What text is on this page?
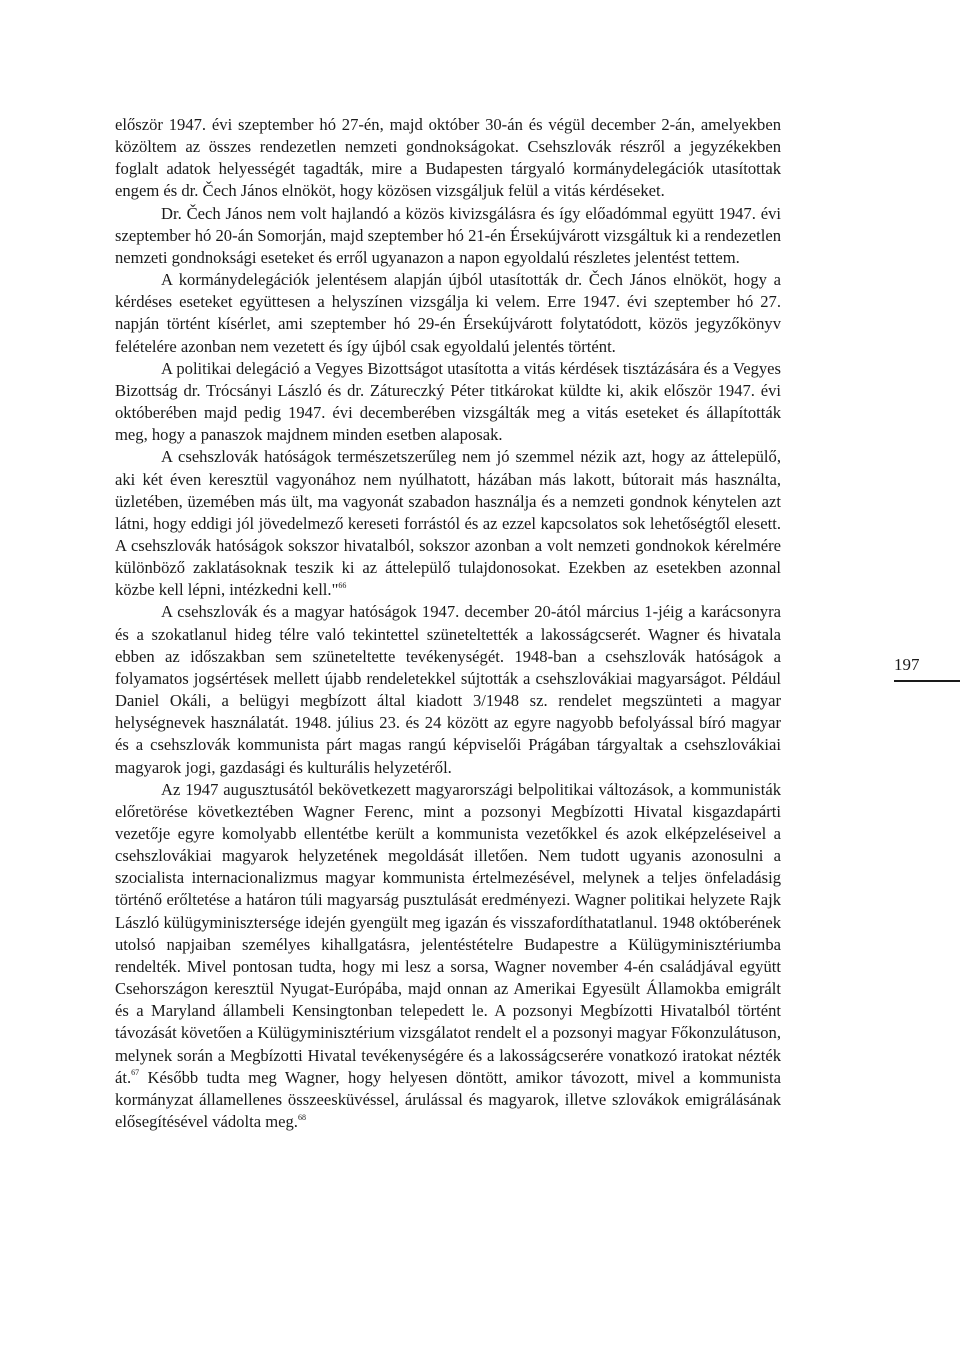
először 1947. évi szeptember hó 27-én, majd október 30-án és végül december 2-án, amelyekben közöltem az összes rendezetlen nemzeti gondnokságokat. Csehszlovák részről a jegyzékekben foglalt adatok helyességét tagadták, mire a Budapesten tárgyaló kormánydelegációk utasítottak engem és dr. Čech János elnököt, hogy közösen vizsgáljuk felül a vitás kérdéseket.

Dr. Čech János nem volt hajlandó a közös kivizsgálásra és így előadómmal együtt 1947. évi szeptember hó 20-án Somorján, majd szeptember hó 21-én Érsekújvárott vizsgáltuk ki a rendezetlen nemzeti gondnoksági eseteket és erről ugyanazon a napon egyoldalú részletes jelentést tettem.

A kormánydelegációk jelentésem alapján újból utasították dr. Čech János elnököt, hogy a kérdéses eseteket együttesen a helyszínen vizsgálja ki velem. Erre 1947. évi szeptember hó 27. napján történt kísérlet, ami szeptember hó 29-én Érsekújvárott folytatódott, közös jegyzőkönyv felételére azonban nem vezetett és így újból csak egyoldalú jelentés történt.

A politikai delegáció a Vegyes Bizottságot utasította a vitás kérdések tisztázására és a Vegyes Bizottság dr. Trócsányi László és dr. Zátureczký Péter titkárokat küldte ki, akik először 1947. évi októberében majd pedig 1947. évi decemberében vizsgálták meg a vitás eseteket és állapították meg, hogy a panaszok majdnem minden esetben alaposak.

A csehszlovák hatóságok természetszerűleg nem jó szemmel nézik azt, hogy az áttelepülő, aki két éven keresztül vagyonához nem nyúlhatott, házában más lakott, bútorait más használta, üzletében, üzemében más ült, ma vagyonát szabadon használja és a nemzeti gondnok kénytelen azt látni, hogy eddigi jól jövedelmező kereseti forrástól és az ezzel kapcsolatos sok lehetőségtől elesett. A csehszlovák hatóságok sokszor hivatalból, sokszor azonban a volt nemzeti gondnokok kérelmére különböző zaklatásoknak teszik ki az áttelepülő tulajdonosokat. Ezekben az esetekben azonnal közbe kell lépni, intézkedni kell."$^{66}$

A csehszlovák és a magyar hatóságok 1947. december 20-ától március 1-jéig a karácsonyra és a szokatlanul hideg télre való tekintettel szüneteltették a lakosságcserét. Wagner és hivatala ebben az időszakban sem szüneteltette tevékenységét. 1948-ban a csehszlovák hatóságok a folyamatos jogsértések mellett újabb rendeletekkel sújtották a csehszlovákiai magyarságot. Például Daniel Okáli, a belügyi megbízott által kiadott 3/1948 sz. rendelet megszünteti a magyar helységnevek használatát. 1948. július 23. és 24 között az egyre nagyobb befolyással bíró magyar és a csehszlovák kommunista párt magas rangú képviselői Prágában tárgyaltak a csehszlovákiai magyarok jogi, gazdasági és kulturális helyzetéről.

Az 1947 augusztusától bekövetkezett magyarországi belpolitikai változások, a kommunisták előretörése következtében Wagner Ferenc, mint a pozsonyi Megbízotti Hivatal kisgazdapárti vezetője egyre komolyabb ellentétbe került a kommunista vezetőkkel és azok elképzeléseivel a csehszlovákiai magyarok helyzetének megoldását illetően. Nem tudott ugyanis azonosulni a szocialista internacionalizmus magyar kommunista értelmezésével, melynek a teljes önfeladásig történő erőltetése a határon túli magyarság pusztulását eredményezi. Wagner politikai helyzete Rajk László külügyminisztersége idején gyengült meg igazán és visszafordíthatatlanul. 1948 októberének utolsó napjaiban személyes kihallgatásra, jelentéstételre Budapestre a Külügyminisztériumba rendelték. Mivel pontosan tudta, hogy mi lesz a sorsa, Wagner november 4-én családjával együtt Csehországon keresztül Nyugat-Európába, majd onnan az Amerikai Egyesült Államokba emigrált és a Maryland állambeli Kensingtonban telepedett le. A pozsonyi Megbízotti Hivatalból történt távozását követően a Külügyminisztérium vizsgálatot rendelt el a pozsonyi magyar Főkonzulátuson, melynek során a Megbízotti Hivatal tevékenységére és a lakosságcserére vonatkozó iratokat nézték át.$^{67}$ Később tudta meg Wagner, hogy helyesen döntött, amikor távozott, mivel a kommunista kormányzat államellenes összeesküvéssel, árulással és magyarok, illetve szlovákok emigrálásának elősegítésével vádolta meg.$^{68}$

197
